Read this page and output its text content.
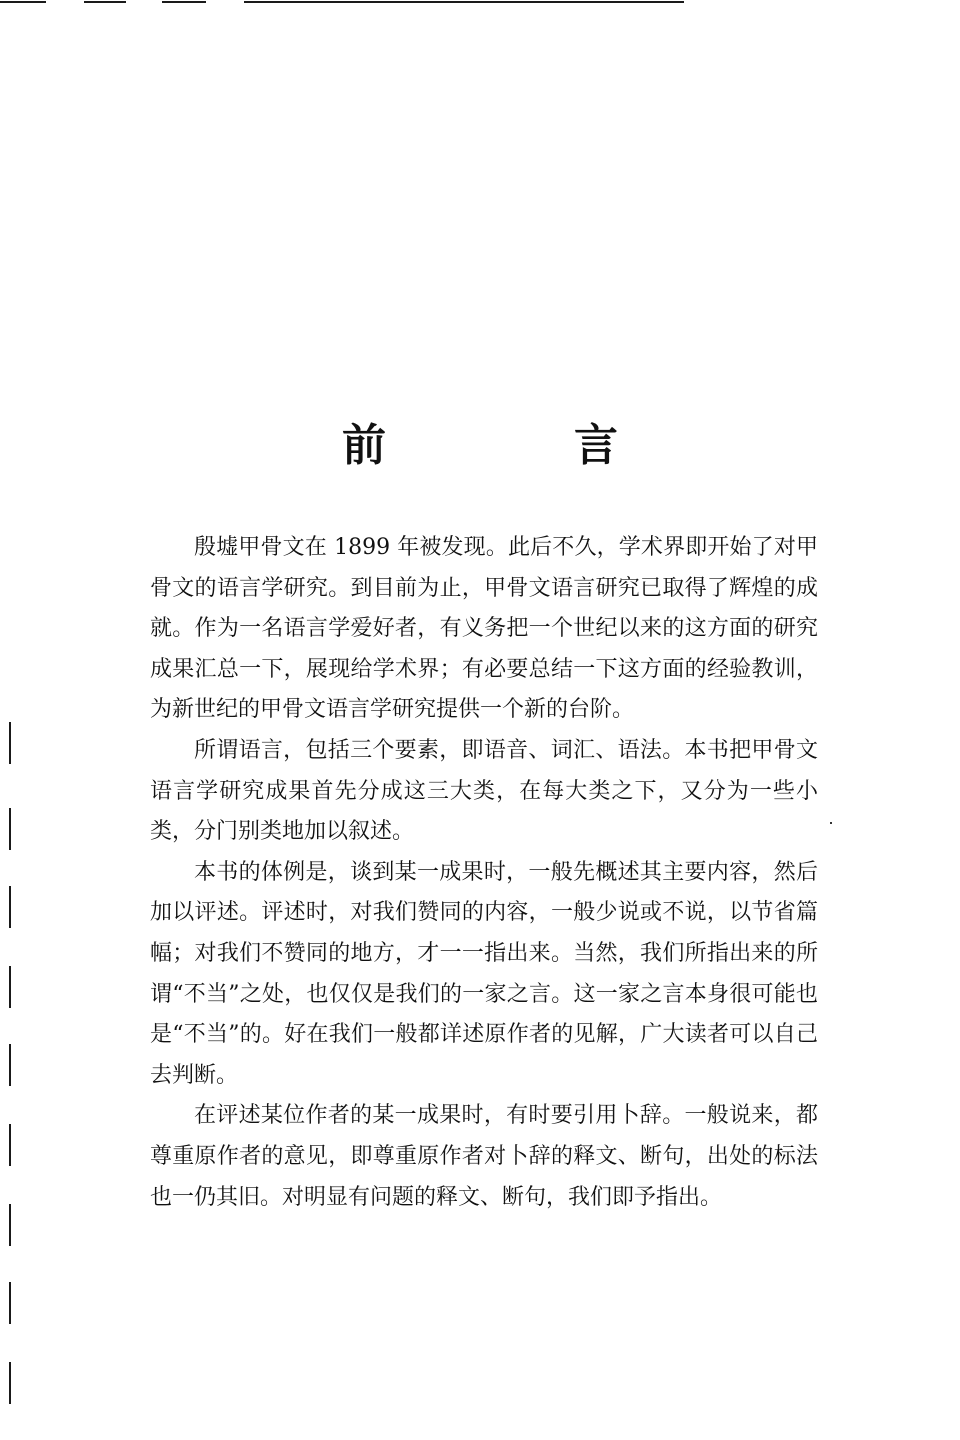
前　言

殷墟甲骨文在 1899 年被发现。此后不久，学术界即开始了对甲骨文的语言学研究。到目前为止，甲骨文语言研究已取得了辉煌的成就。作为一名语言学爱好者，有义务把一个世纪以来的这方面的研究成果汇总一下，展现给学术界；有必要总结一下这方面的经验教训，为新世纪的甲骨文语言学研究提供一个新的台阶。

所谓语言，包括三个要素，即语音、词汇、语法。本书把甲骨文语言学研究成果首先分成这三大类，在每大类之下，又分为一些小类，分门别类地加以叙述。

本书的体例是，谈到某一成果时，一般先概述其主要内容，然后加以评述。评述时，对我们赞同的内容，一般少说或不说，以节省篇幅；对我们不赞同的地方，才一一指出来。当然，我们所指出来的所谓“不当”之处，也仅仅是我们的一家之言。这一家之言本身很可能也是“不当”的。好在我们一般都详述原作者的见解，广大读者可以自己去判断。

在评述某位作者的某一成果时，有时要引用卜辞。一般说来，都尊重原作者的意见，即尊重原作者对卜辞的释文、断句，出处的标法也一仍其旧。对明显有问题的释文、断句，我们即予指出。
